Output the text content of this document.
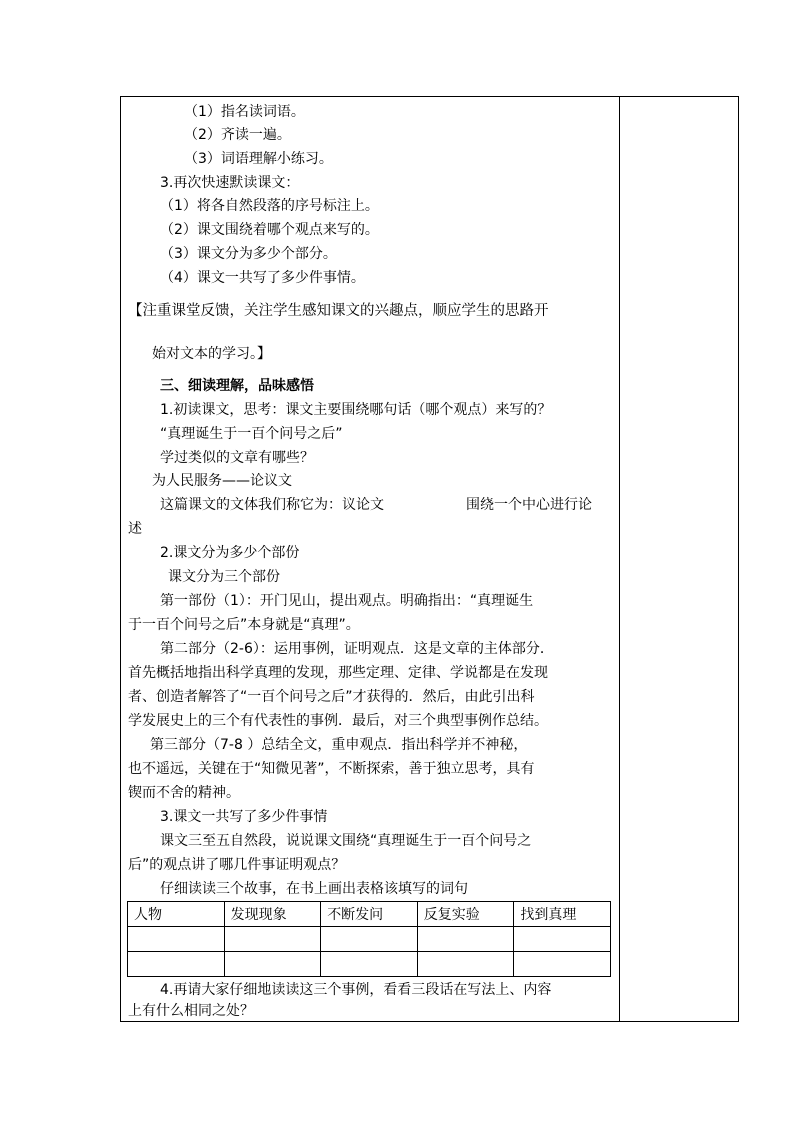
（1）指名读词语。
（2）齐读一遍。
（3）词语理解小练习。
3.再次快速默读课文：
（1）将各自然段落的序号标注上。
（2）课文围绕着哪个观点来写的。
（3）课文分为多少个部分。
（4）课文一共写了多少件事情。
【注重课堂反馈，关注学生感知课文的兴趣点，顺应学生的思路开
始对文本的学习。】
三、细读理解，品味感悟
1.初读课文，思考：课文主要围绕哪句话（哪个观点）来写的？
“真理诞生于一百个问号之后”
学过类似的文章有哪些？
为人民服务——论议文
这篇课文的文体我们称它为：议论文	围绕一个中心进行论
述
2.课文分为多少个部份
课文分为三个部份
第一部份（1）：开门见山，提出观点。明确指出：“真理诞生
于一百个问号之后”本身就是“真理”。
第二部分（2-6）：运用事例，证明观点．这是文章的主体部分．
首先概括地指出科学真理的发现，那些定理、定律、学说都是在发现
者、创造者解答了“一百个问号之后”才获得的．然后，由此引出科
学发展史上的三个有代表性的事例．最后，对三个典型事例作总结。
第三部分（7-8 ）总结全文，重申观点．指出科学并不神秘，
也不遥远，关键在于“知微见著”，不断探索，善于独立思考，具有
锲而不舍的精神。
3.课文一共写了多少件事情
课文三至五自然段，说说课文围绕“真理诞生于一百个问号之
后”的观点讲了哪几件事证明观点？
仔细读读三个故事，在书上画出表格该填写的词句
人物	发现现象	不断发问	反复实验	找到真理

4.再请大家仔细地读读这三个事例，看看三段话在写法上、内容
上有什么相同之处？
